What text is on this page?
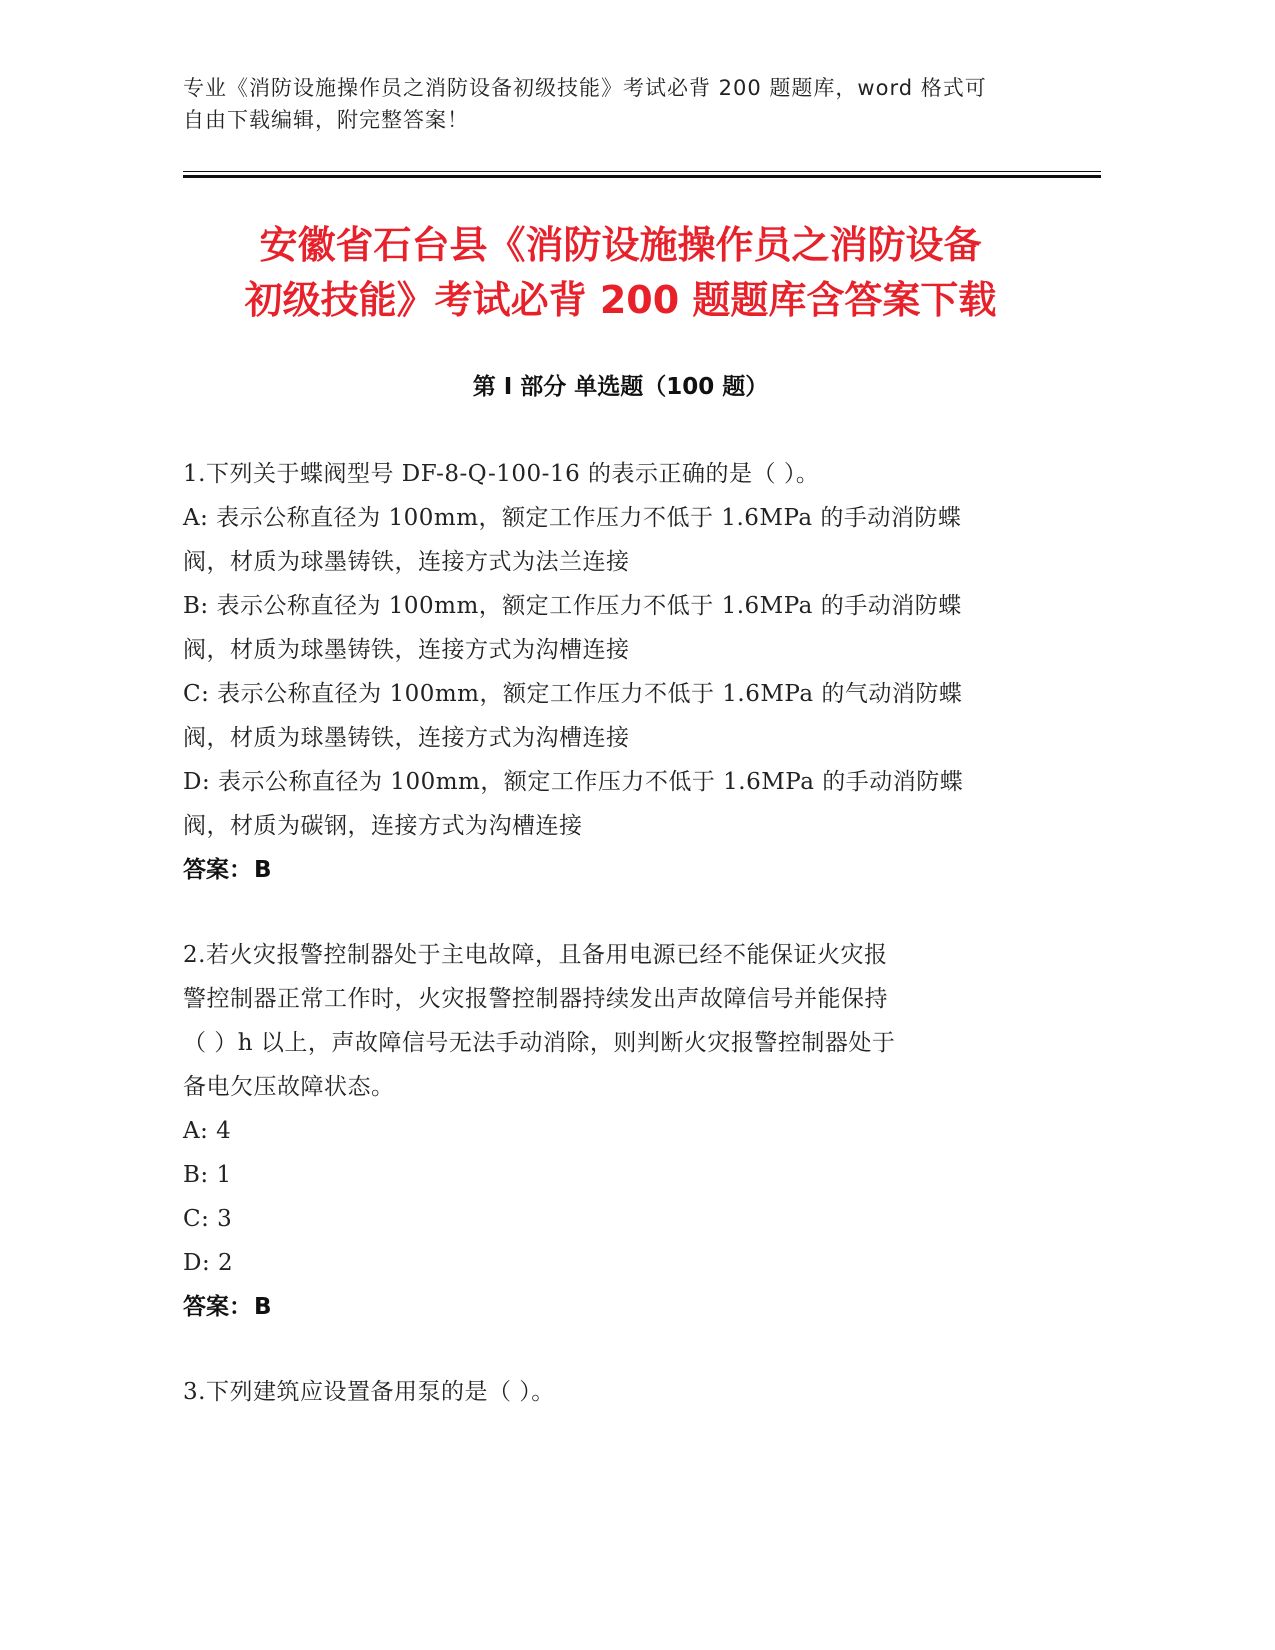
专业《消防设施操作员之消防设备初级技能》考试必背 200 题题库，word 格式可
自由下载编辑，附完整答案！
安徽省石台县《消防设施操作员之消防设备
初级技能》考试必背 200 题题库含答案下载
第 I 部分 单选题（100 题）

1.下列关于蝶阀型号 DF-8-Q-100-16 的表示正确的是（ ）。

A: 表示公称直径为 100mm，额定工作压力不低于 1.6MPa 的手动消防蝶

阀，材质为球墨铸铁，连接方式为法兰连接

B: 表示公称直径为 100mm，额定工作压力不低于 1.6MPa 的手动消防蝶

阀，材质为球墨铸铁，连接方式为沟槽连接

C: 表示公称直径为 100mm，额定工作压力不低于 1.6MPa 的气动消防蝶

阀，材质为球墨铸铁，连接方式为沟槽连接

D: 表示公称直径为 100mm，额定工作压力不低于 1.6MPa 的手动消防蝶

阀，材质为碳钢，连接方式为沟槽连接

答案：B

2.若火灾报警控制器处于主电故障，且备用电源已经不能保证火灾报

警控制器正常工作时，火灾报警控制器持续发出声故障信号并能保持

（ ）h 以上，声故障信号无法手动消除，则判断火灾报警控制器处于

备电欠压故障状态。

A: 4

B: 1

C: 3

D: 2

答案：B

3.下列建筑应设置备用泵的是（ ）。
